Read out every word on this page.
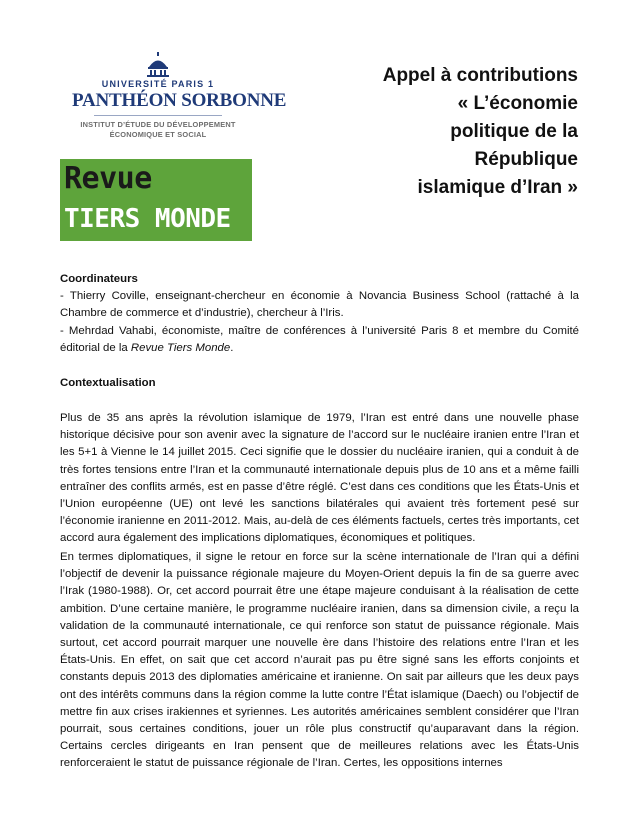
UNIVERSITÉ PARIS 1
PANTHÉON SORBONNE
INSTITUT D’ÉTUDE DU DÉVELOPPEMENT
ÉCONOMIQUE ET SOCIAL
Revue
TIERS MONDE
Appel à contributions
« L’économie
politique de la
République
islamique d’Iran »

Coordinateurs

- Thierry Coville, enseignant-chercheur en économie à Novancia Business School (rattaché à la Chambre de commerce et d’industrie), chercheur à l’Iris.

- Mehrdad Vahabi, économiste, maître de conférences à l’université Paris 8 et membre du Comité éditorial de la Revue Tiers Monde.

Contextualisation

Plus de 35 ans après la révolution islamique de 1979, l’Iran est entré dans une nouvelle phase historique décisive pour son avenir avec la signature de l’accord sur le nucléaire iranien entre l’Iran et les 5+1 à Vienne le 14 juillet 2015. Ceci signifie que le dossier du nucléaire iranien, qui a conduit à de très fortes tensions entre l’Iran et la communauté internationale depuis plus de 10 ans et a même failli entraîner des conflits armés, est en passe d’être réglé. C’est dans ces conditions que les États-Unis et l’Union européenne (UE) ont levé les sanctions bilatérales qui avaient très fortement pesé sur l’économie iranienne en 2011-2012. Mais, au-delà de ces éléments factuels, certes très importants, cet accord aura également des implications diplomatiques, économiques et politiques.

En termes diplomatiques, il signe le retour en force sur la scène internationale de l’Iran qui a défini l’objectif de devenir la puissance régionale majeure du Moyen-Orient depuis la fin de sa guerre avec l’Irak (1980-1988). Or, cet accord pourrait être une étape majeure conduisant à la réalisation de cette ambition. D’une certaine manière, le programme nucléaire iranien, dans sa dimension civile, a reçu la validation de la communauté internationale, ce qui renforce son statut de puissance régionale. Mais surtout, cet accord pourrait marquer une nouvelle ère dans l’histoire des relations entre l’Iran et les États-Unis. En effet, on sait que cet accord n’aurait pas pu être signé sans les efforts conjoints et constants depuis 2013 des diplomaties américaine et iranienne. On sait par ailleurs que les deux pays ont des intérêts communs dans la région comme la lutte contre l’État islamique (Daech) ou l’objectif de mettre fin aux crises irakiennes et syriennes. Les autorités américaines semblent considérer que l’Iran pourrait, sous certaines conditions, jouer un rôle plus constructif qu’auparavant dans la région. Certains cercles dirigeants en Iran pensent que de meilleures relations avec les États-Unis renforceraient le statut de puissance régionale de l’Iran. Certes, les oppositions internes
